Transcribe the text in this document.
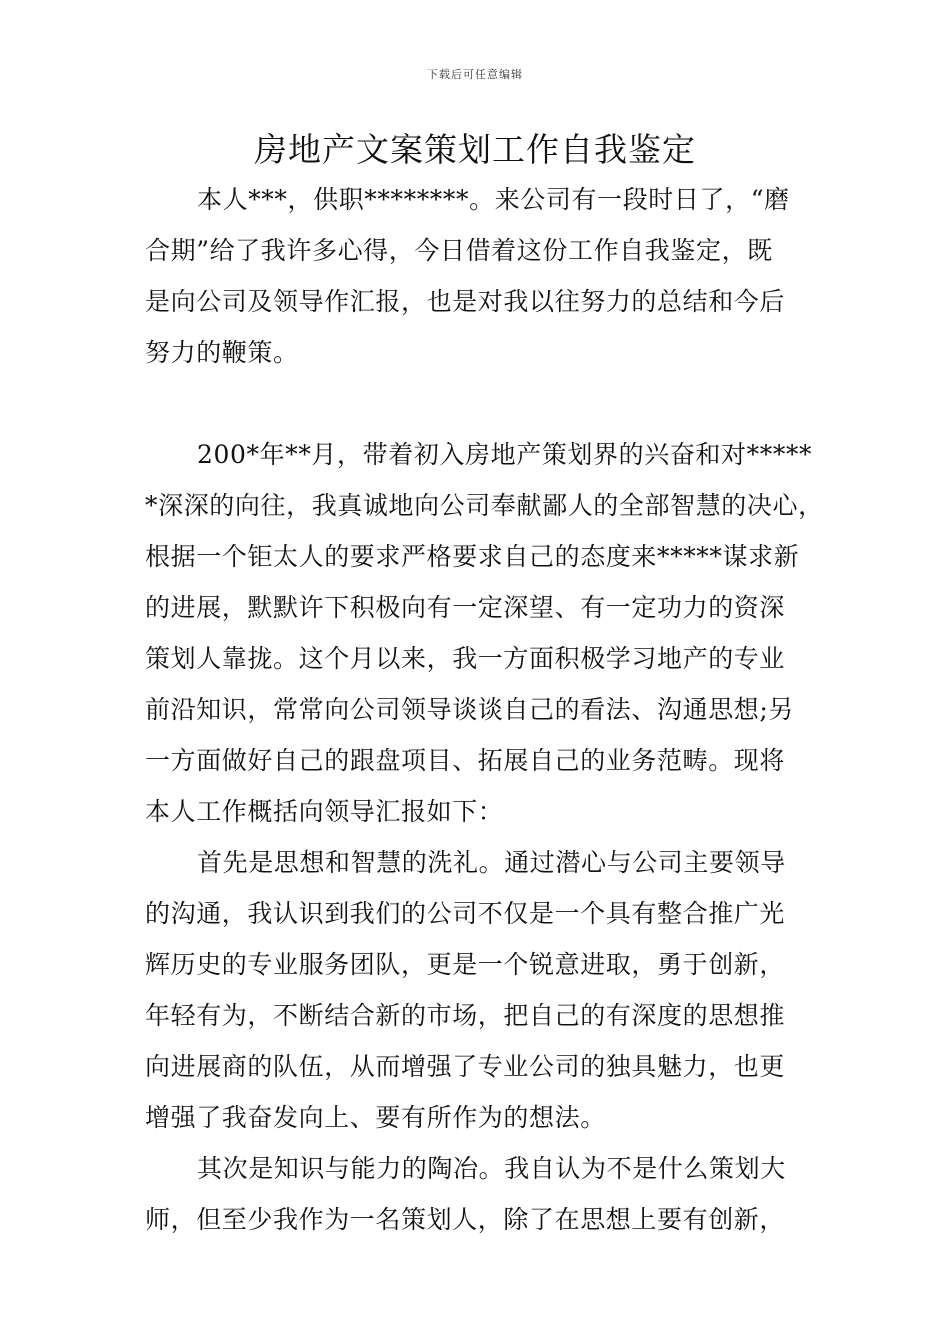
下载后可任意编辑
房地产文案策划工作自我鉴定
本人***，供职********。来公司有一段时日了，“磨
合期”给了我许多心得，今日借着这份工作自我鉴定，既
是向公司及领导作汇报，也是对我以往努力的总结和今后
努力的鞭策。
200*年**月，带着初入房地产策划界的兴奋和对*****
*深深的向往，我真诚地向公司奉献鄙人的全部智慧的决心，
根据一个钜太人的要求严格要求自己的态度来*****谋求新
的进展，默默许下积极向有一定深望、有一定功力的资深
策划人靠拢。这个月以来，我一方面积极学习地产的专业
前沿知识，常常向公司领导谈谈自己的看法、沟通思想;另
一方面做好自己的跟盘项目、拓展自己的业务范畴。现将
本人工作概括向领导汇报如下：
首先是思想和智慧的洗礼。通过潜心与公司主要领导
的沟通，我认识到我们的公司不仅是一个具有整合推广光
辉历史的专业服务团队，更是一个锐意进取，勇于创新，
年轻有为，不断结合新的市场，把自己的有深度的思想推
向进展商的队伍，从而增强了专业公司的独具魅力，也更
增强了我奋发向上、要有所作为的想法。
其次是知识与能力的陶冶。我自认为不是什么策划大
师，但至少我作为一名策划人，除了在思想上要有创新，
